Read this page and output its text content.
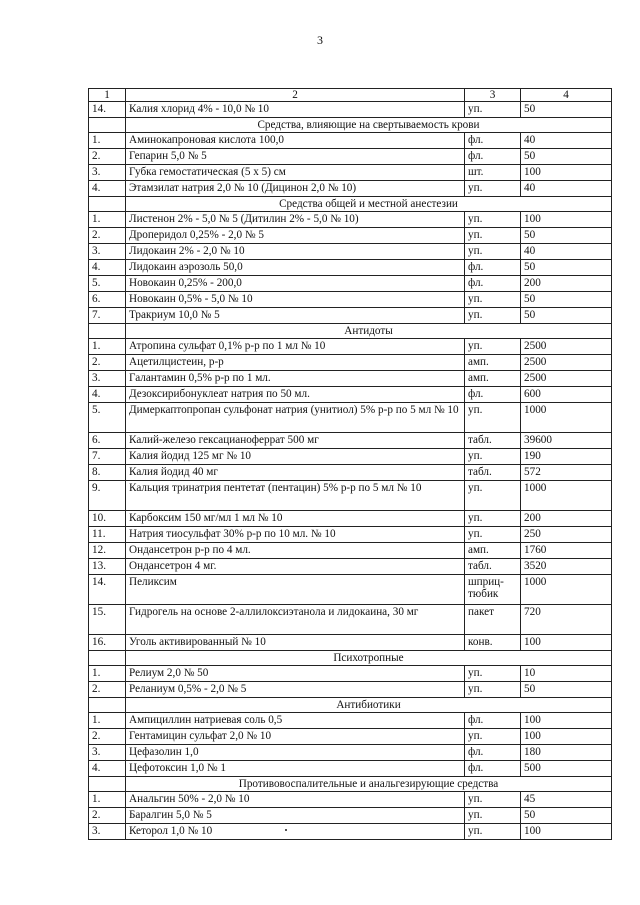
3
1	2	3	4
14.	Калия хлорид 4% - 10,0 № 10	уп.	50
	Средства, влияющие на свертываемость крови		
1.	Аминокапроновая кислота 100,0	фл.	40
2.	Гепарин 5,0 № 5	фл.	50
3.	Губка гемостатическая (5 х 5) см	шт.	100
4.	Этамзилат натрия 2,0 № 10 (Дицинон 2,0 № 10)	уп.	40
	Средства общей и местной анестезии		
1.	Листенон 2% - 5,0 № 5 (Дитилин 2% - 5,0 № 10)	уп.	100
2.	Дроперидол 0,25% - 2,0 № 5	уп.	50
3.	Лидокаин 2% - 2,0 № 10	уп.	40
4.	Лидокаин аэрозоль 50,0	фл.	50
5.	Новокаин 0,25% - 200,0	фл.	200
6.	Новокаин 0,5% - 5,0 № 10	уп.	50
7.	Тракриум 10,0 № 5	уп.	50
	Антидоты		
1.	Атропина сульфат 0,1% р-р по 1 мл № 10	уп.	2500
2.	Ацетилцистеин, р-р	амп.	2500
3.	Галантамин 0,5% р-р по 1 мл.	амп.	2500
4.	Дезоксирибонуклеат натрия по 50 мл.	фл.	600
5.	Димеркаптопропан сульфонат натрия (унитиол) 5% р-р по 5 мл № 10	уп.	1000
6.	Калий-железо гексацианоферрат 500 мг	табл.	39600
7.	Калия йодид 125 мг № 10	уп.	190
8.	Калия йодид 40 мг	табл.	572
9.	Кальция тринатрия пентетат (пентацин) 5% р-р по 5 мл № 10	уп.	1000
10.	Карбоксим 150 мг/мл 1 мл № 10	уп.	200
11.	Натрия тиосульфат 30% р-р по 10 мл. № 10	уп.	250
12.	Ондансетрон р-р по 4 мл.	амп.	1760
13.	Ондансетрон 4 мг.	табл.	3520
14.	Пеликсим	шприц-тюбик	1000
15.	Гидрогель на основе 2-аллилоксиэтанола и лидокаина, 30 мг	пакет	720
16.	Уголь активированный № 10	конв.	100
	Психотропные		
1.	Релиум 2,0 № 50	уп.	10
2.	Реланиум 0,5% - 2,0 № 5	уп.	50
	Антибиотики		
1.	Ампициллин натриевая соль 0,5	фл.	100
2.	Гентамицин сульфат 2,0 № 10	уп.	100
3.	Цефазолин 1,0	фл.	180
4.	Цефотоксин 1,0 № 1	фл.	500
	Противовоспалительные и анальгезирующие средства		
1.	Анальгин 50% - 2,0 № 10	уп.	45
2.	Баралгин 5,0 № 5	уп.	50
3.	Кеторол 1,0 № 10	уп.	100
